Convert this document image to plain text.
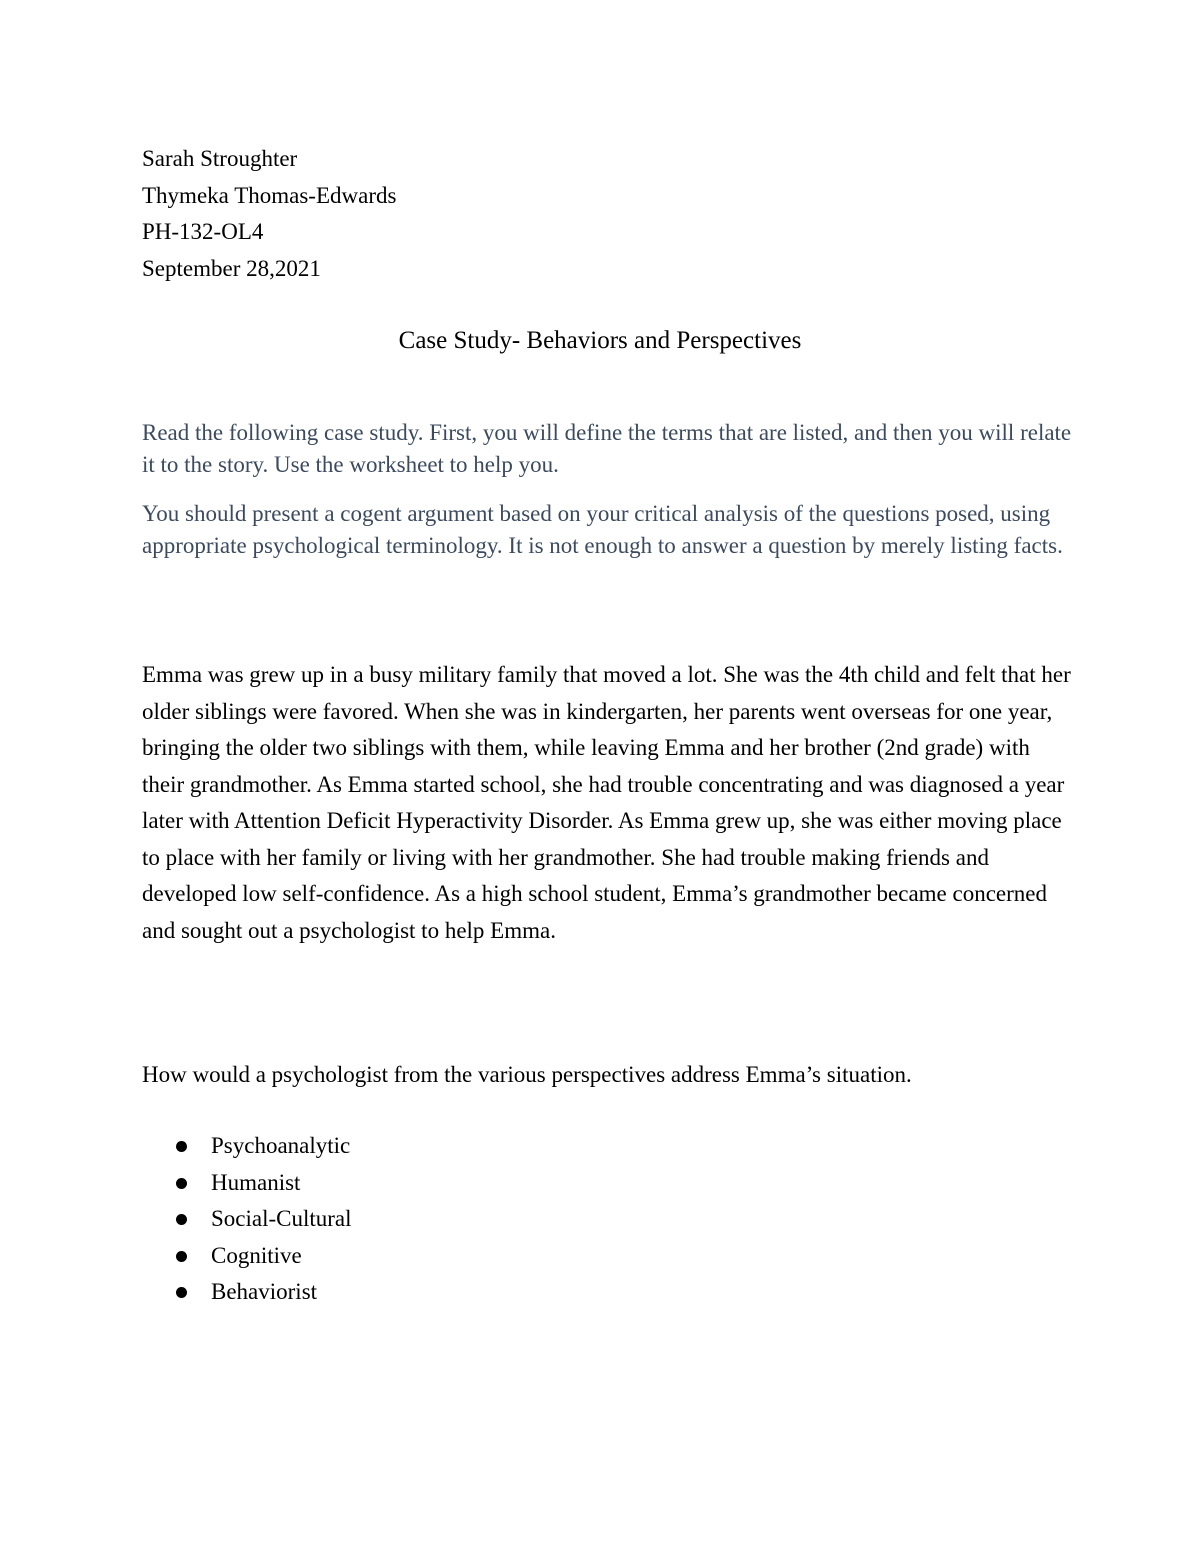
Sarah Stroughter
Thymeka Thomas-Edwards
PH-132-OL4
September 28,2021
Case Study- Behaviors and Perspectives

Read the following case study. First, you will define the terms that are listed, and then you will relate it to the story. Use the worksheet to help you.

You should present a cogent argument based on your critical analysis of the questions posed, using appropriate psychological terminology. It is not enough to answer a question by merely listing facts.

Emma was grew up in a busy military family that moved a lot. She was the 4th child and felt that her older siblings were favored. When she was in kindergarten, her parents went overseas for one year, bringing the older two siblings with them, while leaving Emma and her brother (2nd grade) with their grandmother. As Emma started school, she had trouble concentrating and was diagnosed a year later with Attention Deficit Hyperactivity Disorder. As Emma grew up, she was either moving place to place with her family or living with her grandmother. She had trouble making friends and developed low self-confidence. As a high school student, Emma’s grandmother became concerned and sought out a psychologist to help Emma.

How would a psychologist from the various perspectives address Emma’s situation.

Psychoanalytic
Humanist
Social-Cultural
Cognitive
Behaviorist
